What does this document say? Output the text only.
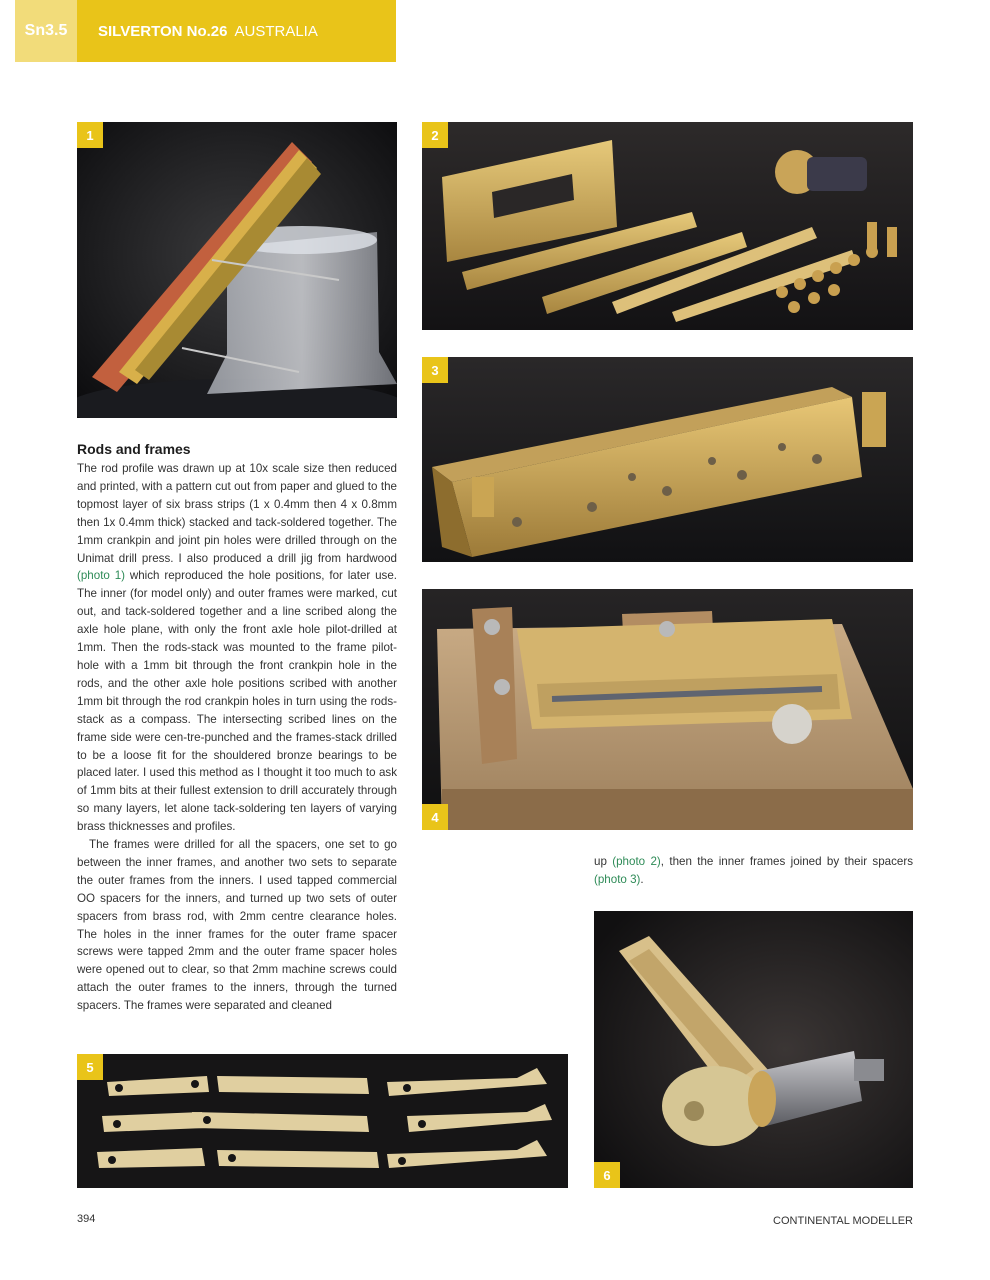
Sn3.5 SILVERTON No.26 AUSTRALIA
1	2
3
4
5
6
Rods and frames

The rod profile was drawn up at 10x scale size then reduced and printed, with a pattern cut out from paper and glued to the topmost layer of six brass strips (1 x 0.4mm then 4 x 0.8mm then 1x 0.4mm thick) stacked and tack-soldered together. The 1mm crankpin and joint pin holes were drilled through on the Unimat drill press. I also produced a drill jig from hardwood (photo 1) which reproduced the hole positions, for later use. The inner (for model only) and outer frames were marked, cut out, and tack-soldered together and a line scribed along the axle hole plane, with only the front axle hole pilot-drilled at 1mm. Then the rods-stack was mounted to the frame pilot-hole with a 1mm bit through the front crankpin hole in the rods, and the other axle hole positions scribed with another 1mm bit through the rod crankpin holes in turn using the rods-stack as a compass. The intersecting scribed lines on the frame side were cen-tre-punched and the frames-stack drilled to be a loose fit for the shouldered bronze bearings to be placed later. I used this method as I thought it too much to ask of 1mm bits at their fullest extension to drill accurately through so many layers, let alone tack-soldering ten layers of varying brass thicknesses and profiles.

The frames were drilled for all the spacers, one set to go between the inner frames, and another two sets to separate the outer frames from the inners. I used tapped commercial OO spacers for the inners, and turned up two sets of outer spacers from brass rod, with 2mm centre clearance holes. The holes in the inner frames for the outer frame spacer screws were tapped 2mm and the outer frame spacer holes were opened out to clear, so that 2mm machine screws could attach the outer frames to the inners, through the turned spacers. The frames were separated and cleaned

up (photo 2), then the inner frames joined by their spacers (photo 3).

394	CONTINENTAL MODELLER
